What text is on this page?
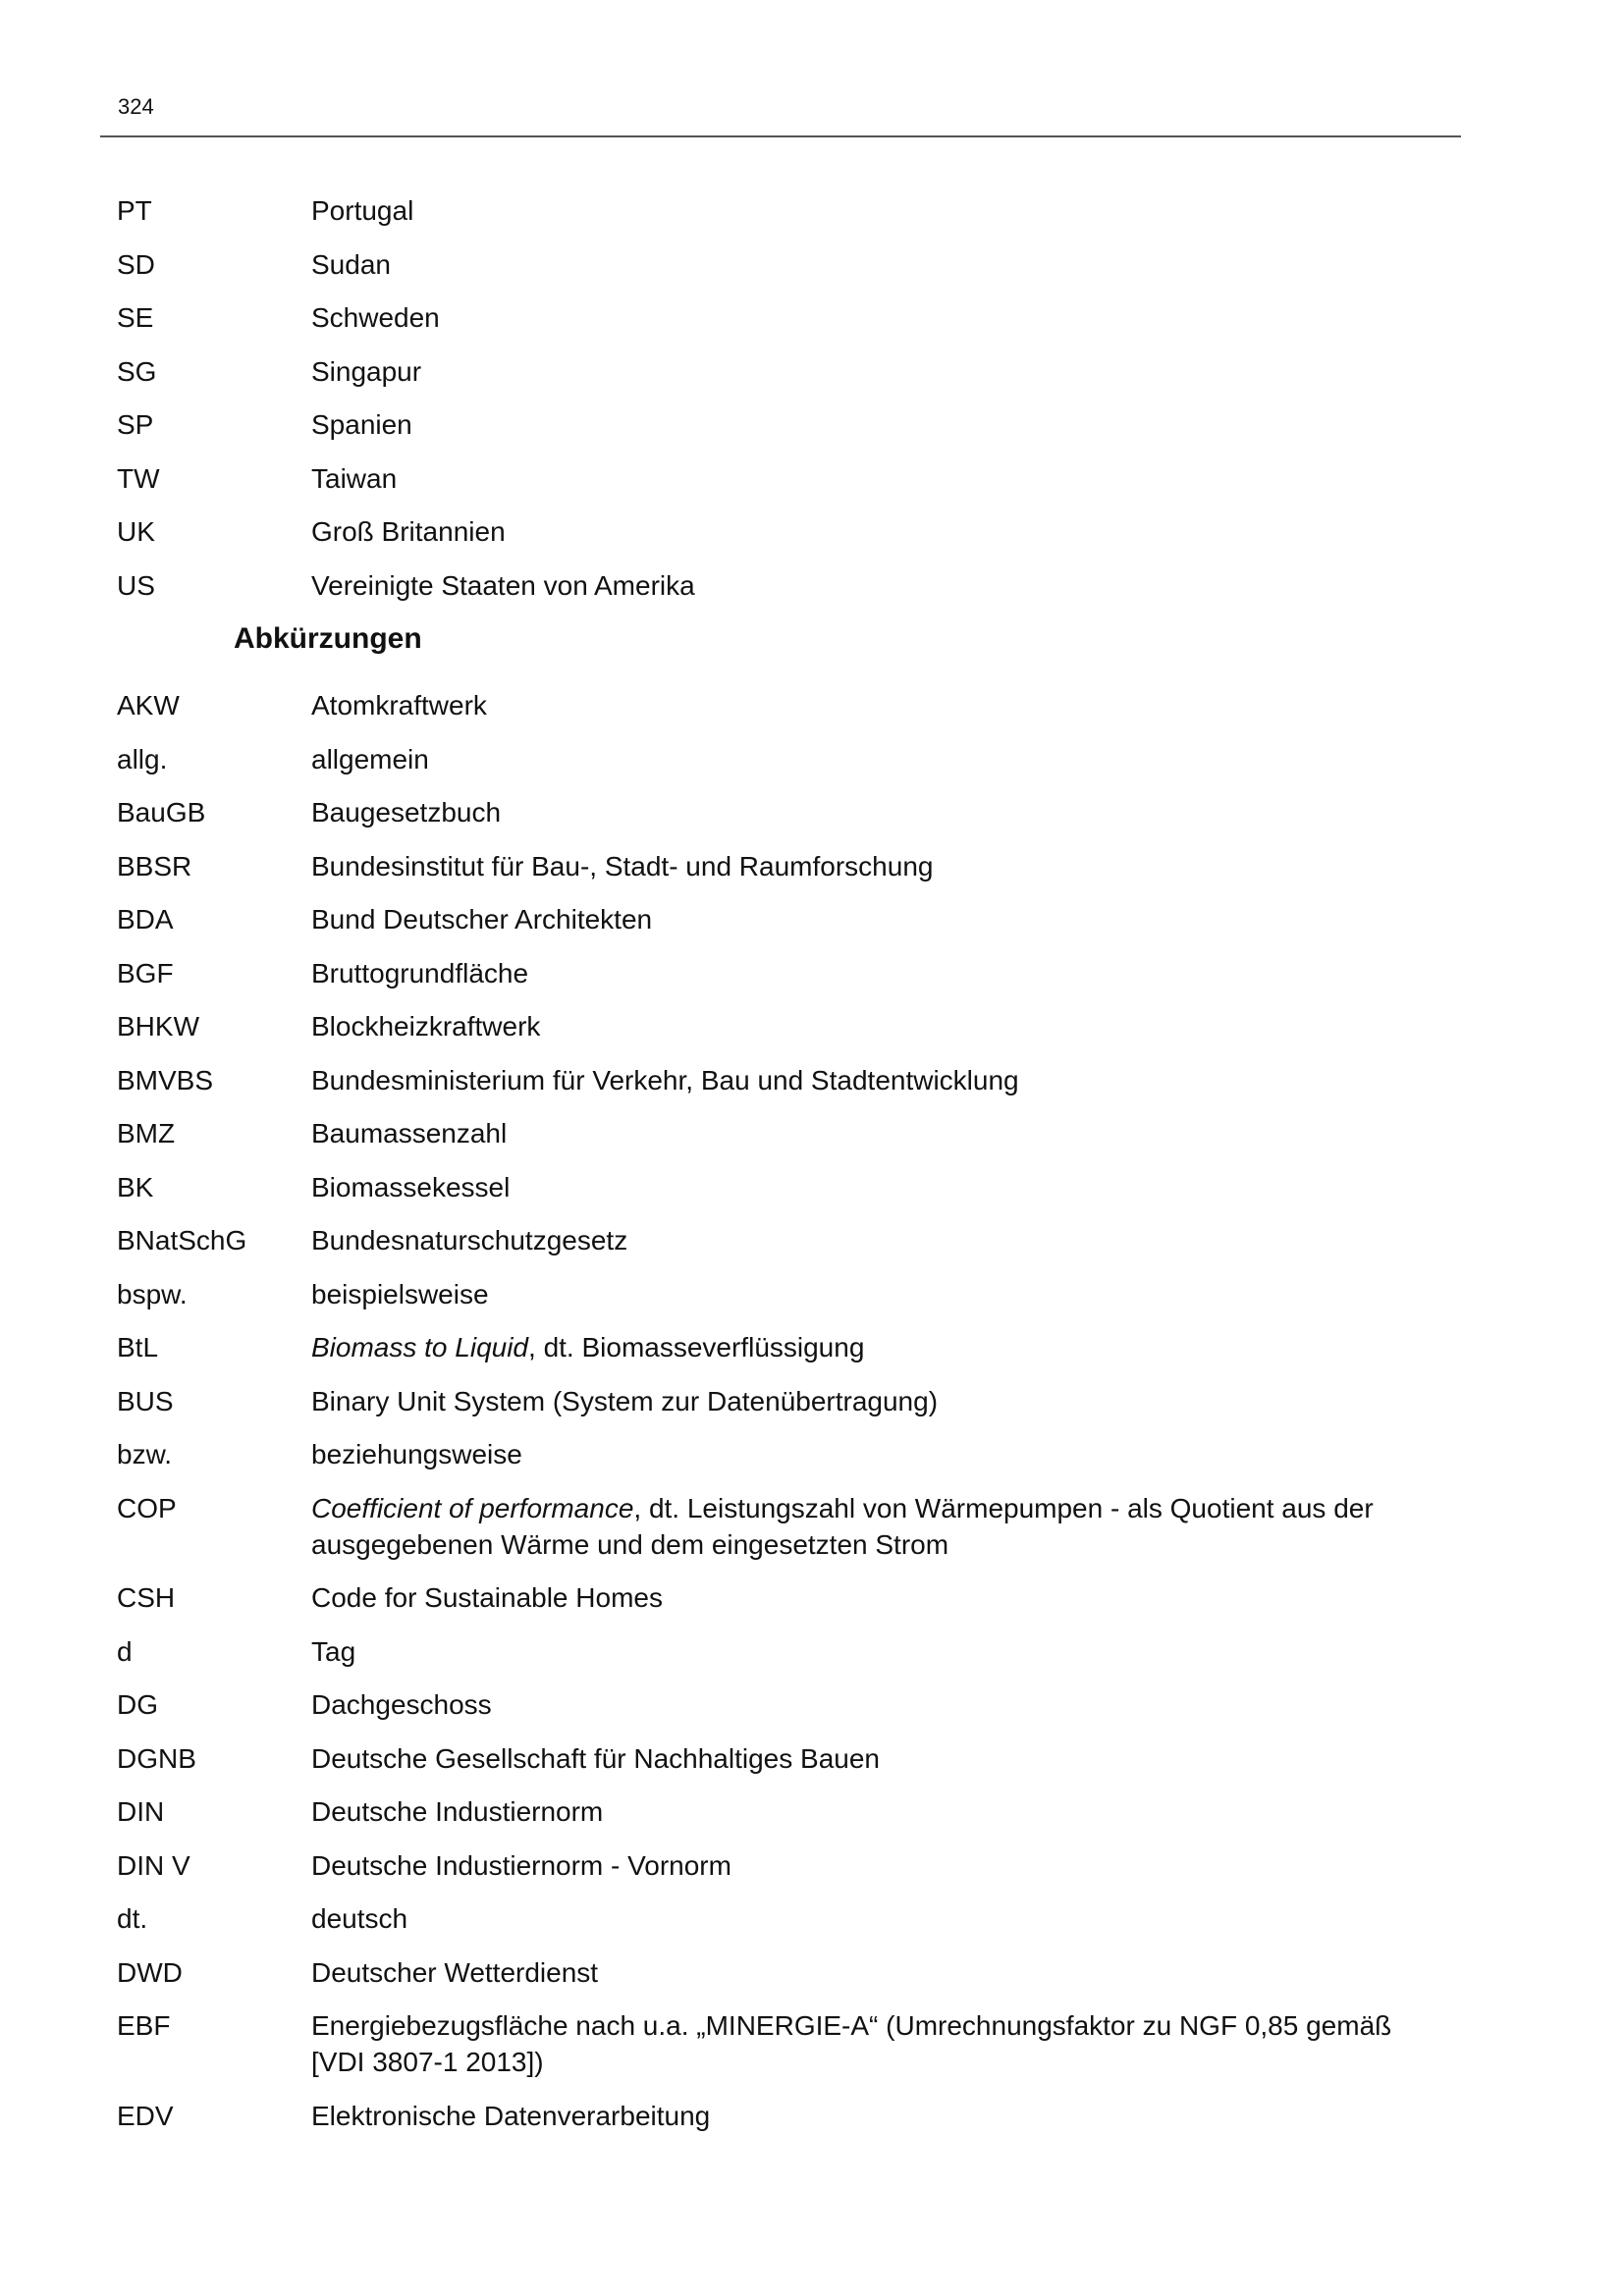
324
PT	Portugal
SD	Sudan
SE	Schweden
SG	Singapur
SP	Spanien
TW	Taiwan
UK	Groß Britannien
US	Vereinigte Staaten von Amerika
Abkürzungen
AKW	Atomkraftwerk
allg.	allgemein
BauGB	Baugesetzbuch
BBSR	Bundesinstitut für Bau-, Stadt- und Raumforschung
BDA	Bund Deutscher Architekten
BGF	Bruttogrundfläche
BHKW	Blockheizkraftwerk
BMVBS	Bundesministerium für Verkehr, Bau und Stadtentwicklung
BMZ	Baumassenzahl
BK	Biomassekessel
BNatSchG	Bundesnaturschutzgesetz
bspw.	beispielsweise
BtL	Biomass to Liquid, dt. Biomasseverflüssigung
BUS	Binary Unit System (System zur Datenübertragung)
bzw.	beziehungsweise
COP	Coefficient of performance, dt. Leistungszahl von Wärmepumpen - als Quotient aus der ausgegebenen Wärme und dem eingesetzten Strom
CSH	Code for Sustainable Homes
d	Tag
DG	Dachgeschoss
DGNB	Deutsche Gesellschaft für Nachhaltiges Bauen
DIN	Deutsche Industiernorm
DIN V	Deutsche Industiernorm - Vornorm
dt.	deutsch
DWD	Deutscher Wetterdienst
EBF	Energiebezugsfläche nach u.a. „MINERGIE-A“ (Umrechnungsfaktor zu NGF 0,85 gemäß [VDI 3807-1 2013])
EDV	Elektronische Datenverarbeitung
